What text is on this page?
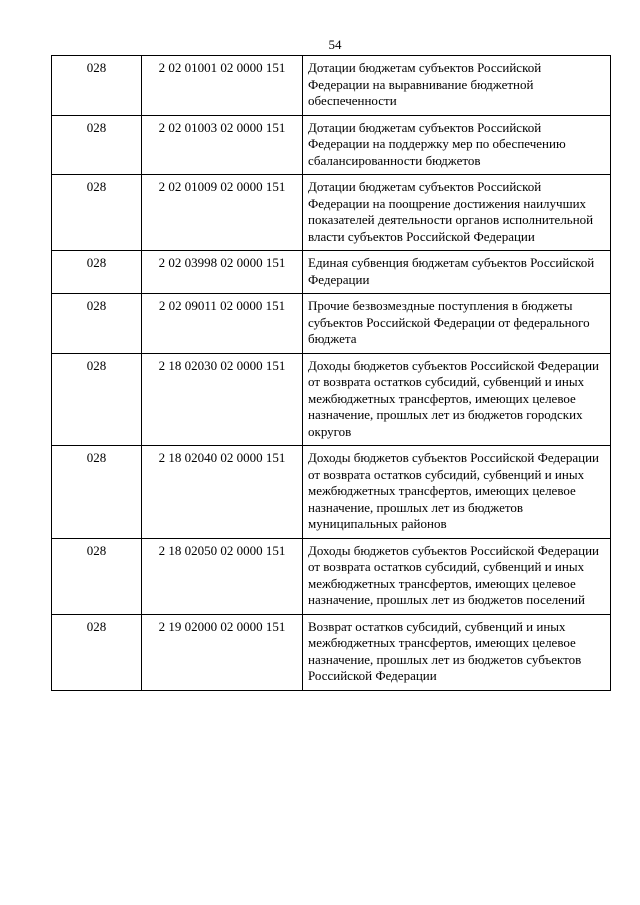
54
028	2 02 01001 02 0000 151	Дотации бюджетам субъектов Российской Федерации на выравнивание бюджетной обеспеченности
028	2 02 01003 02 0000 151	Дотации бюджетам субъектов Российской Федерации на поддержку мер по обеспечению сбалансированности бюджетов
028	2 02 01009 02 0000 151	Дотации бюджетам субъектов Российской Федерации на поощрение достижения наилучших показателей деятельности органов исполнительной власти субъектов Российской Федерации
028	2 02 03998 02 0000 151	Единая субвенция бюджетам субъектов Российской Федерации
028	2 02 09011 02 0000 151	Прочие безвозмездные поступления в бюджеты субъектов Российской Федерации от федерального бюджета
028	2 18 02030 02 0000 151	Доходы бюджетов субъектов Российской Федерации от возврата остатков субсидий, субвенций и иных межбюджетных трансфертов, имеющих целевое назначение, прошлых лет из бюджетов городских округов
028	2 18 02040 02 0000 151	Доходы бюджетов субъектов Российской Федерации от возврата остатков субсидий, субвенций и иных межбюджетных трансфертов, имеющих целевое назначение, прошлых лет из бюджетов муниципальных районов
028	2 18 02050 02 0000 151	Доходы бюджетов субъектов Российской Федерации от возврата остатков субсидий, субвенций и иных межбюджетных трансфертов, имеющих целевое назначение, прошлых лет из бюджетов поселений
028	2 19 02000 02 0000 151	Возврат остатков субсидий, субвенций и иных межбюджетных трансфертов, имеющих целевое назначение, прошлых лет из бюджетов субъектов Российской Федерации
